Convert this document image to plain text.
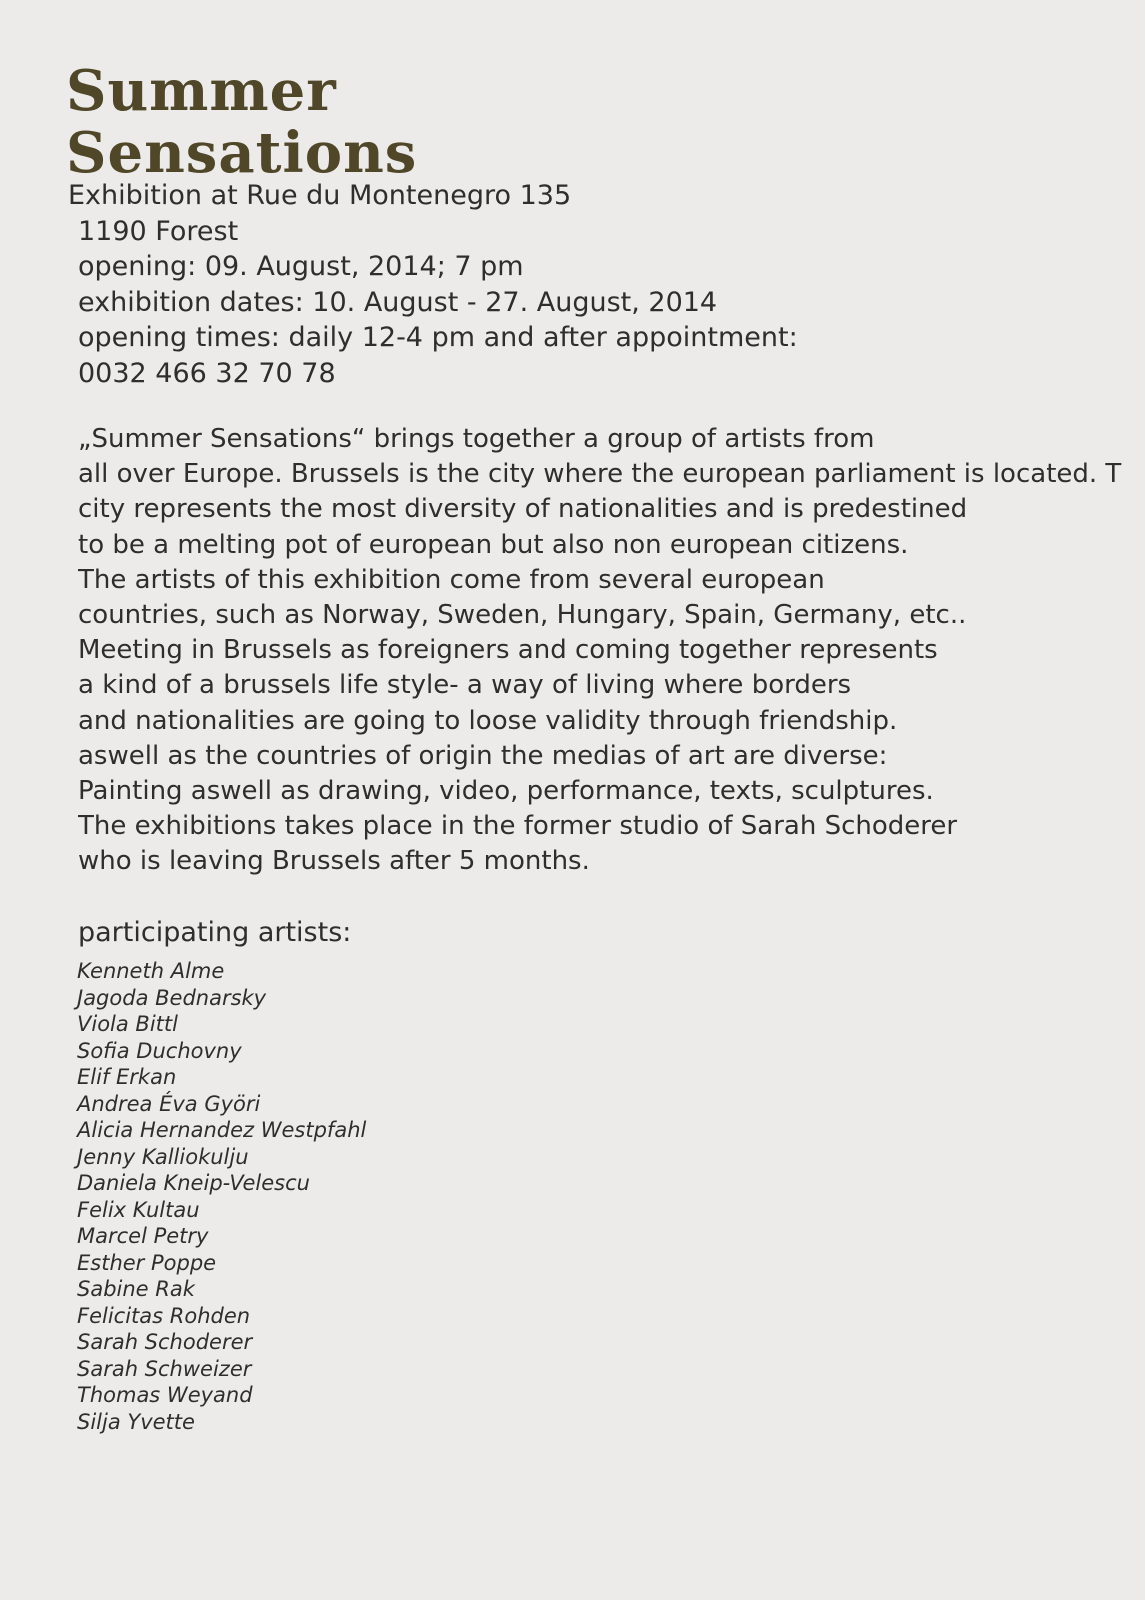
Summer
Sensations
Exhibition at Rue du Montenegro 135
1190 Forest
opening: 09. August, 2014; 7 pm
exhibition dates: 10. August - 27. August, 2014
opening times: daily 12-4 pm and after appointment:
0032 466 32 70 78
„Summer Sensations“ brings together a group of artists from
all over Europe. Brussels is the city where the european parliament is located. T
city represents the most diversity of nationalities and is predestined
to be a melting pot of european but also non european citizens.
The artists of this exhibition come from several european
countries, such as Norway, Sweden, Hungary, Spain, Germany, etc..
Meeting in Brussels as foreigners and coming together represents
a kind of a brussels life style- a way of living where borders
and nationalities are going to loose validity through friendship.
aswell as the countries of origin the medias of art are diverse:
Painting aswell as drawing, video, performance, texts, sculptures.
The exhibitions takes place in the former studio of Sarah Schoderer
who is leaving Brussels after 5 months.
participating artists:
Kenneth Alme
Jagoda Bednarsky
Viola Bittl
Sofia Duchovny
Elif Erkan
Andrea Éva Györi
Alicia Hernandez Westpfahl
Jenny Kalliokulju
Daniela Kneip-Velescu
Felix Kultau
Marcel Petry
Esther Poppe
Sabine Rak
Felicitas Rohden
Sarah Schoderer
Sarah Schweizer
Thomas Weyand
Silja Yvette
